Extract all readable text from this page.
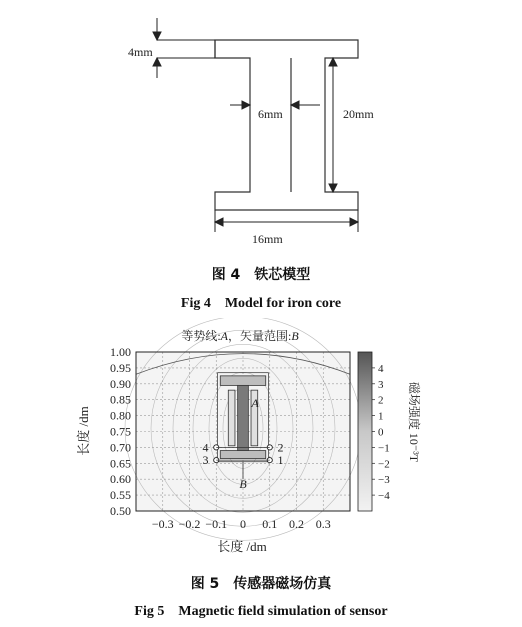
4mm
6mm	20mm
16mm
图 4　铁芯模型
Fig 4　Model for iron core
等势线:A，矢量范围:B
A
B
1
2
3
4
−0.3 −0.2 −0.1 0 0.1 0.2 0.3
1.00
0.95
0.90
0.85
0.80
0.75
0.70
0.65
0.60
0.55
0.50
4
3
2
1
0
−1
−2
−3
−4
长度 /dm
长度 /dm
磁场强度 10⁻³T
图 5　传感器磁场仿真
Fig 5　Magnetic field simulation of sensor
